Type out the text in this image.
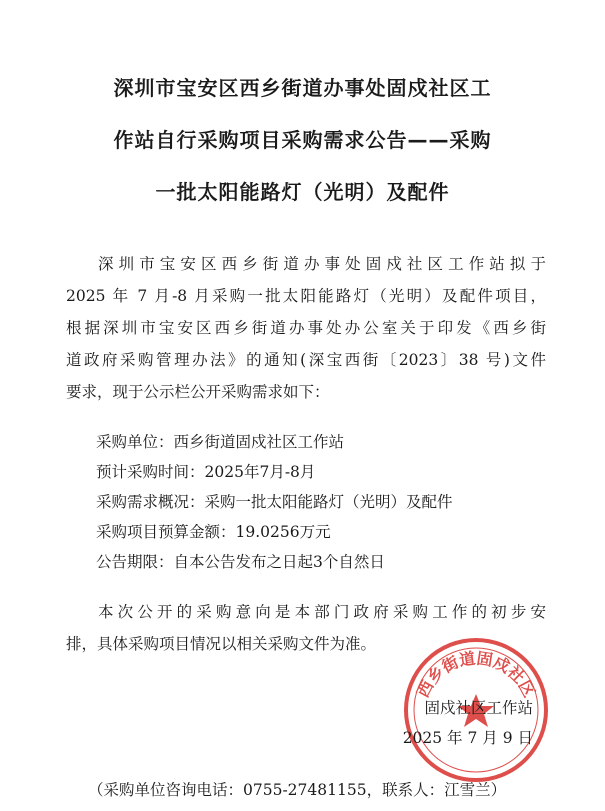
深圳市宝安区西乡街道办事处固戍社区工
作站自行采购项目采购需求公告——采购
一批太阳能路灯（光明）及配件
深圳市宝安区西乡街道办事处固戍社区工作站拟于
2025 年 7 月-8 月采购一批太阳能路灯（光明）及配件项目，
根据深圳市宝安区西乡街道办事处办公室关于印发《西乡街
道政府采购管理办法》的通知(深宝西街〔2023〕38 号)文件
要求，现于公示栏公开采购需求如下：
采购单位：西乡街道固戍社区工作站
预计采购时间：2025年7月-8月
采购需求概况：采购一批太阳能路灯（光明）及配件
采购项目预算金额：19.0256万元
公告期限：自本公告发布之日起3个自然日
本次公开的采购意向是本部门政府采购工作的初步安
排，具体采购项目情况以相关采购文件为准。
西乡街道固戍社区
固戍社区工作站
2025 年 7 月 9 日
（采购单位咨询电话：0755-27481155，联系人：江雪兰）
